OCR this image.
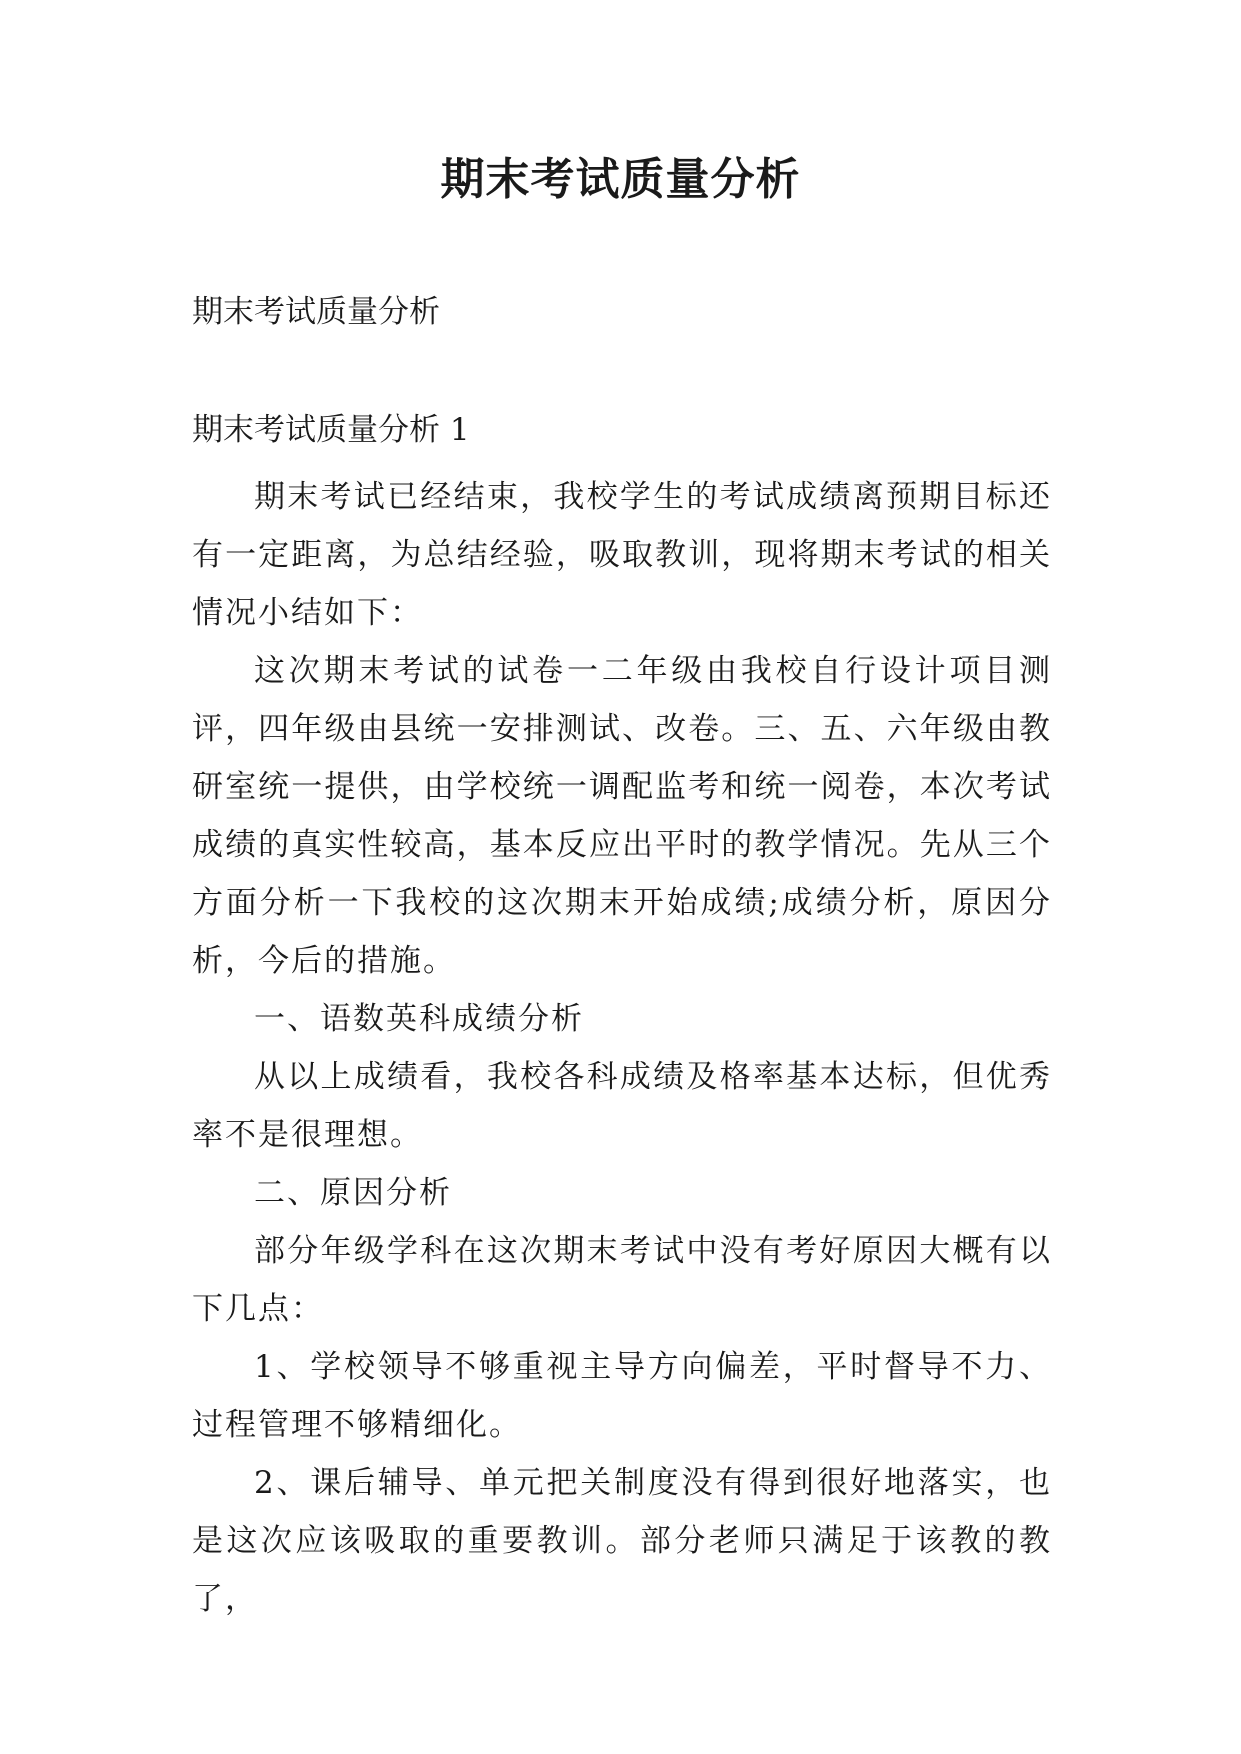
期末考试质量分析
期末考试质量分析
期末考试质量分析 1

期末考试已经结束，我校学生的考试成绩离预期目标还有一定距离，为总结经验，吸取教训，现将期末考试的相关情况小结如下：

这次期末考试的试卷一二年级由我校自行设计项目测评，四年级由县统一安排测试、改卷。三、五、六年级由教研室统一提供，由学校统一调配监考和统一阅卷，本次考试成绩的真实性较高，基本反应出平时的教学情况。先从三个方面分析一下我校的这次期末开始成绩;成绩分析，原因分析，今后的措施。

一、语数英科成绩分析

从以上成绩看，我校各科成绩及格率基本达标，但优秀率不是很理想。

二、原因分析

部分年级学科在这次期末考试中没有考好原因大概有以下几点：

1、学校领导不够重视主导方向偏差，平时督导不力、过程管理不够精细化。

2、课后辅导、单元把关制度没有得到很好地落实，也是这次应该吸取的重要教训。部分老师只满足于该教的教了，
